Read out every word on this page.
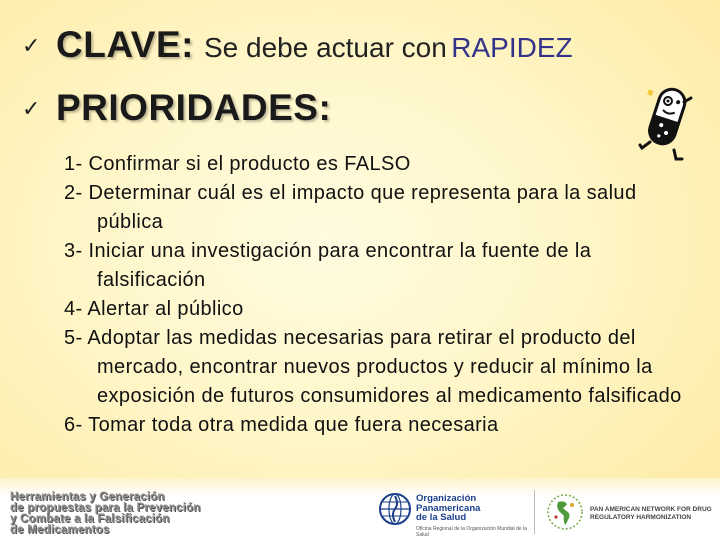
✓ CLAVE: Se debe actuar con RAPIDEZ
✓ PRIORIDADES:
1- Confirmar si el producto es FALSO
2- Determinar cuál es el impacto que representa para la salud pública
3- Iniciar una investigación para encontrar la fuente de la falsificación
4- Alertar al público
5- Adoptar las medidas necesarias para retirar el producto del mercado, encontrar nuevos productos y reducir al mínimo la exposición de futuros consumidores al medicamento falsificado
6- Tomar toda otra medida que fuera necesaria
Herramientas y Generación
de propuestas para la Prevención
y Combate a la Falsificación
de Medicamentos
Organización
Panamericana
de la Salud
Oficina Regional de la Organización Mundial de la Salud
PAN AMERICAN NETWORK FOR DRUG
REGULATORY HARMONIZATION
